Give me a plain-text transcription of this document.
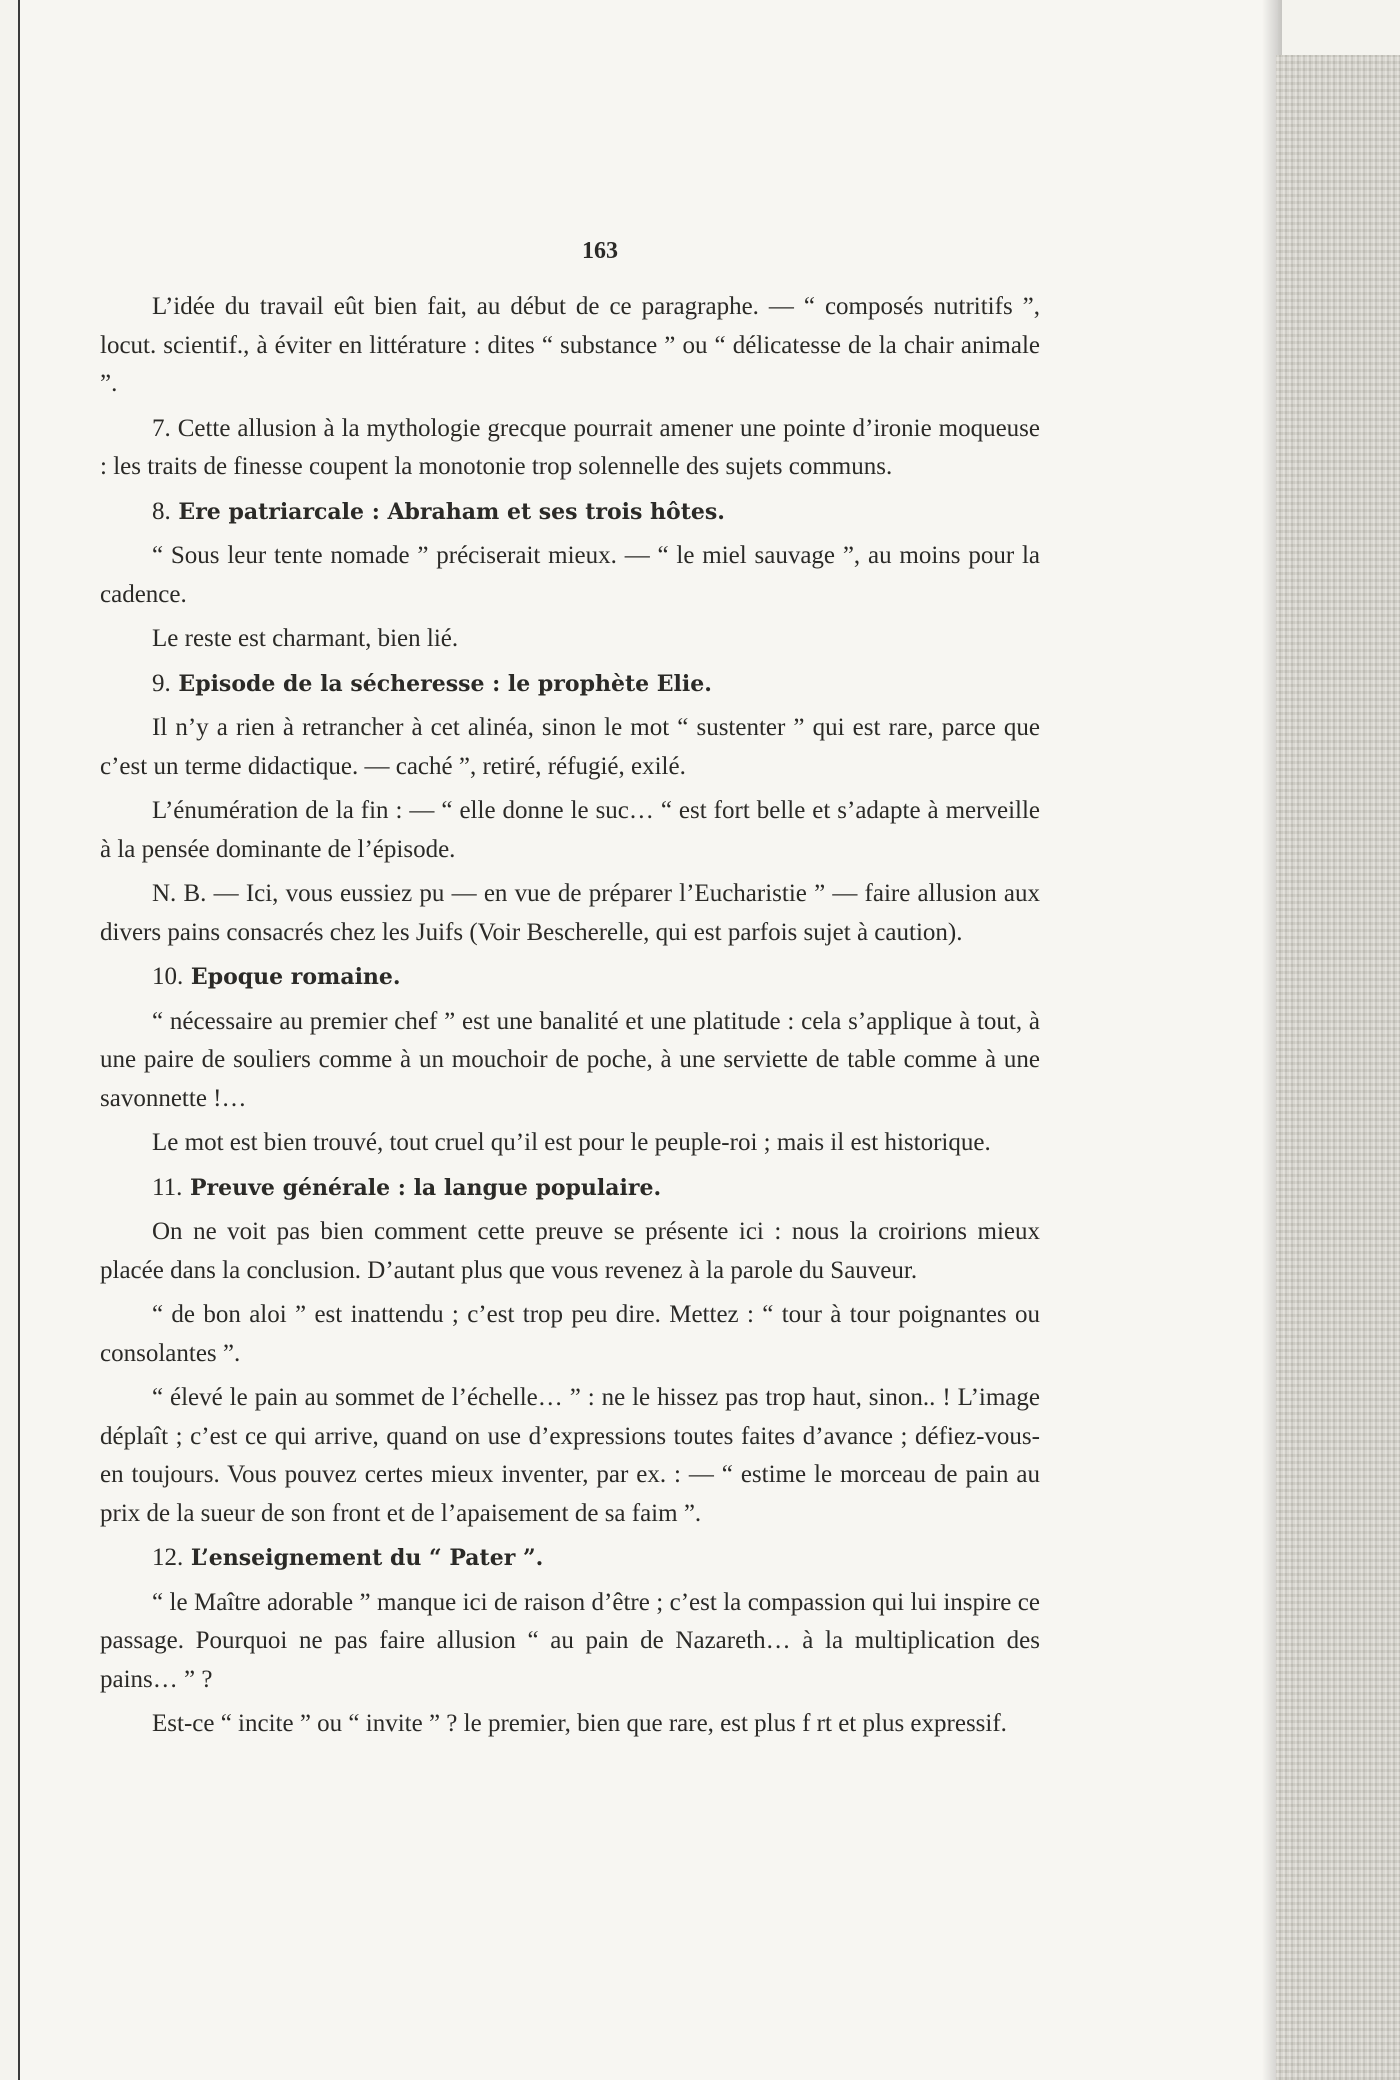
163

L’idée du travail eût bien fait, au début de ce paragraphe. — “ composés nutritifs ”, locut. scientif., à éviter en littérature : dites “ substance ” ou “ délicatesse de la chair animale ”.

7. Cette allusion à la mythologie grecque pourrait amener une pointe d’ironie moqueuse : les traits de finesse coupent la monotonie trop solennelle des sujets communs.

8. Ere patriarcale : Abraham et ses trois hôtes.

“ Sous leur tente nomade ” préciserait mieux. — “ le miel sauvage ”, au moins pour la cadence.

Le reste est charmant, bien lié.

9. Episode de la sécheresse : le prophète Elie.

Il n’y a rien à retrancher à cet alinéa, sinon le mot “ sustenter ” qui est rare, parce que c’est un terme didactique. — caché ”, retiré, réfugié, exilé.

L’énumération de la fin : — “ elle donne le suc… “ est fort belle et s’adapte à merveille à la pensée dominante de l’épisode.

N. B. — Ici, vous eussiez pu — en vue de préparer l’Eucharistie ” — faire allusion aux divers pains consacrés chez les Juifs (Voir Bescherelle, qui est parfois sujet à caution).

10. Epoque romaine.

“ nécessaire au premier chef ” est une banalité et une platitude : cela s’applique à tout, à une paire de souliers comme à un mouchoir de poche, à une serviette de table comme à une savonnette !…

Le mot est bien trouvé, tout cruel qu’il est pour le peuple-roi ; mais il est historique.

11. Preuve générale : la langue populaire.

On ne voit pas bien comment cette preuve se présente ici : nous la croirions mieux placée dans la conclusion. D’autant plus que vous revenez à la parole du Sauveur.

“ de bon aloi ” est inattendu ; c’est trop peu dire. Mettez : “ tour à tour poignantes ou consolantes ”.

“ élevé le pain au sommet de l’échelle… ” : ne le hissez pas trop haut, sinon.. ! L’image déplaît ; c’est ce qui arrive, quand on use d’expressions toutes faites d’avance ; défiez-vous-en toujours. Vous pouvez certes mieux inventer, par ex. : — “ estime le morceau de pain au prix de la sueur de son front et de l’apaisement de sa faim ”.

12. L’enseignement du “ Pater ”.

“ le Maître adorable ” manque ici de raison d’être ; c’est la compassion qui lui inspire ce passage. Pourquoi ne pas faire allusion “ au pain de Nazareth… à la multiplication des pains… ” ?

Est-ce “ incite ” ou “ invite ” ? le premier, bien que rare, est plus f rt et plus expressif.
